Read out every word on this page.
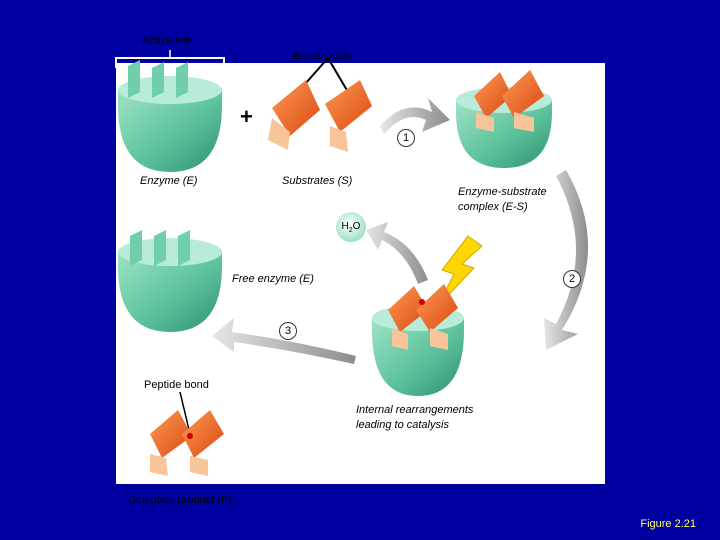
+
Active site
Amino acids
Enzyme (E)	Substrates (S)
Enzyme-substrate
complex (E-S)
$H_2O$
Free enzyme (E)
Peptide bond
Internal rearrangements
leading to catalysis
Dipeptide product (P)
1
2
3
Figure 2.21
